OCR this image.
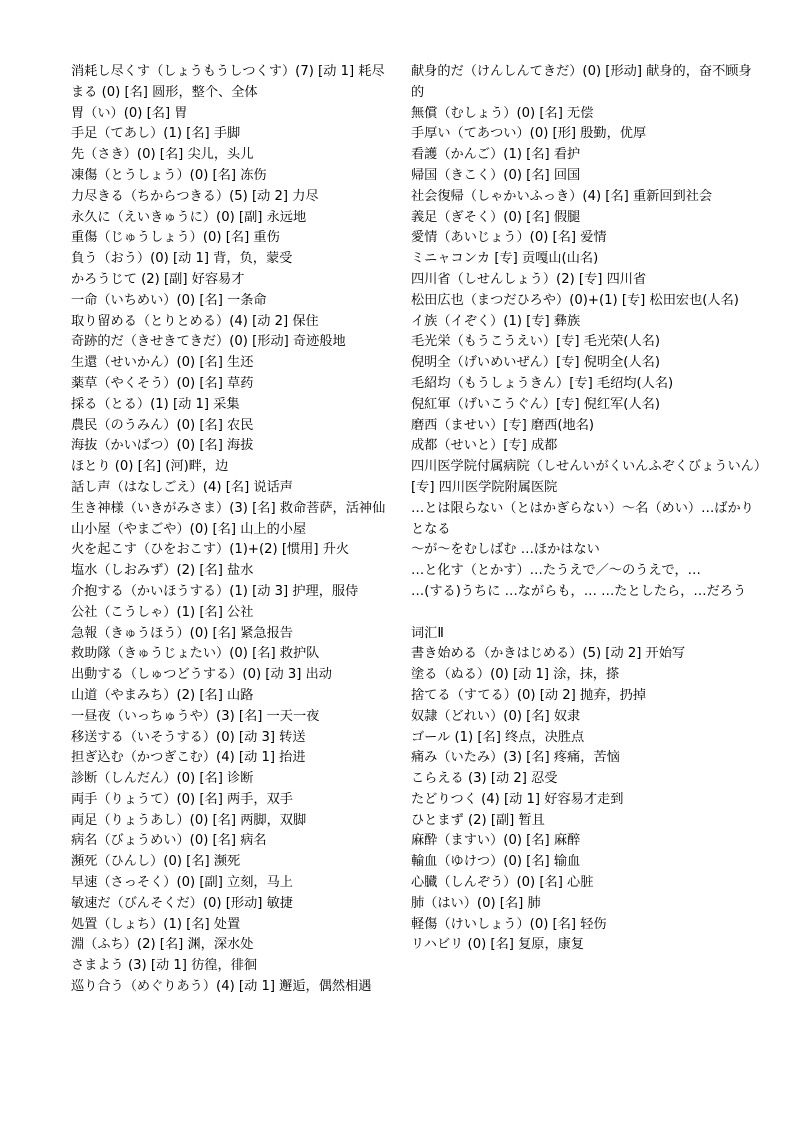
消耗し尽くす（しょうもうしつくす）(7) [动 1] 耗尽
まる (0) [名] 圆形，整个、全体
胃（い）(0) [名] 胃
手足（てあし）(1) [名] 手脚
先（さき）(0) [名] 尖儿，头儿
凍傷（とうしょう）(0) [名] 冻伤
力尽きる（ちからつきる）(5) [动 2] 力尽
永久に（えいきゅうに）(0) [副] 永远地
重傷（じゅうしょう）(0) [名] 重伤
負う（おう）(0) [动 1] 背，负，蒙受
かろうじて (2) [副] 好容易才
一命（いちめい）(0) [名] 一条命
取り留める（とりとめる）(4) [动 2] 保住
奇跡的だ（きせきてきだ）(0) [形动] 奇迹般地
生還（せいかん）(0) [名] 生还
薬草（やくそう）(0) [名] 草药
採る（とる）(1) [动 1] 采集
農民（のうみん）(0) [名] 农民
海抜（かいばつ）(0) [名] 海拔
ほとり (0) [名] (河)畔，边
話し声（はなしごえ）(4) [名] 说话声
生き神様（いきがみさま）(3) [名] 救命菩萨，活神仙
山小屋（やまごや）(0) [名] 山上的小屋
火を起こす（ひをおこす）(1)+(2) [惯用] 升火
塩水（しおみず）(2) [名] 盐水
介抱する（かいほうする）(1) [动 3] 护理，服侍
公社（こうしゃ）(1) [名] 公社
急報（きゅうほう）(0) [名] 紧急报告
救助隊（きゅうじょたい）(0) [名] 救护队
出動する（しゅつどうする）(0) [动 3] 出动
山道（やまみち）(2) [名] 山路
一昼夜（いっちゅうや）(3) [名] 一天一夜
移送する（いそうする）(0) [动 3] 转送
担ぎ込む（かつぎこむ）(4) [动 1] 抬进
診断（しんだん）(0) [名] 诊断
両手（りょうて）(0) [名] 两手，双手
両足（りょうあし）(0) [名] 两脚，双脚
病名（びょうめい）(0) [名] 病名
瀕死（ひんし）(0) [名] 濒死
早速（さっそく）(0) [副] 立刻，马上
敏速だ（びんそくだ）(0) [形动] 敏捷
処置（しょち）(1) [名] 处置
淵（ふち）(2) [名] 渊，深水处
さまよう (3) [动 1] 彷徨，徘徊
巡り合う（めぐりあう）(4) [动 1] 邂逅，偶然相遇
献身的だ（けんしんてきだ）(0) [形动] 献身的，奋不顾身的
無償（むしょう）(0) [名] 无偿
手厚い（てあつい）(0) [形] 殷勤，优厚
看護（かんご）(1) [名] 看护
帰国（きこく）(0) [名] 回国
社会復帰（しゃかいふっき）(4) [名] 重新回到社会
義足（ぎそく）(0) [名] 假腿
愛情（あいじょう）(0) [名] 爱情
ミニャコンカ [专] 贡嘎山(山名)
四川省（しせんしょう）(2) [专] 四川省
松田広也（まつだひろや）(0)+(1) [专] 松田宏也(人名)
イ族（イぞく）(1) [专] 彝族
毛光栄（もうこうえい）[专] 毛光荣(人名)
倪明全（げいめいぜん）[专] 倪明全(人名)
毛紹均（もうしょうきん）[专] 毛绍均(人名)
倪紅軍（げいこうぐん）[专] 倪红军(人名)
磨西（ませい）[专] 磨西(地名)
成都（せいと）[专] 成都
四川医学院付属病院（しせんいがくいんふぞくびょういん）[专] 四川医学院附属医院
…とは限らない（とはかぎらない）～名（めい）…ばかりとなる
～が～をむしばむ …ほかはない
…と化す（とかす）…たうえで／～のうえで，…
…(する)うちに …ながらも，… …たとしたら，…だろう
词汇Ⅱ
書き始める（かきはじめる）(5) [动 2] 开始写
塗る（ぬる）(0) [动 1] 涂，抹，搽
捨てる（すてる）(0) [动 2] 抛弃，扔掉
奴隷（どれい）(0) [名] 奴隶
ゴール (1) [名] 终点，决胜点
痛み（いたみ）(3) [名] 疼痛，苦恼
こらえる (3) [动 2] 忍受
たどりつく (4) [动 1] 好容易才走到
ひとまず (2) [副] 暂且
麻酔（ますい）(0) [名] 麻醉
輸血（ゆけつ）(0) [名] 输血
心臓（しんぞう）(0) [名] 心脏
肺（はい）(0) [名] 肺
軽傷（けいしょう）(0) [名] 轻伤
リハビリ (0) [名] 复原，康复
